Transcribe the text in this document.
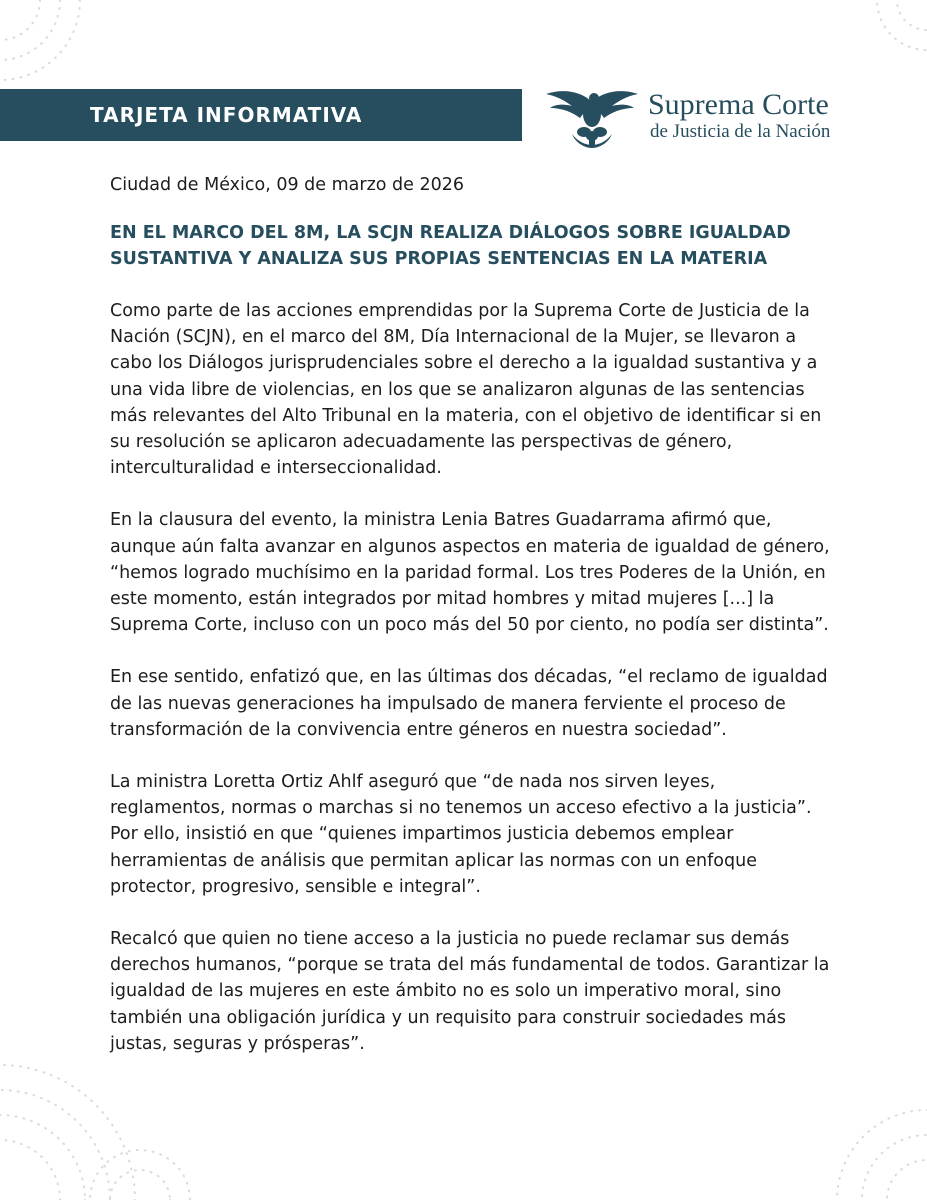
TARJETA INFORMATIVA	Suprema Corte
de Justicia de la Nación

Ciudad de México, 09 de marzo de 2026

EN EL MARCO DEL 8M, LA SCJN REALIZA DIÁLOGOS SOBRE IGUALDAD SUSTANTIVA Y ANALIZA SUS PROPIAS SENTENCIAS EN LA MATERIA

Como parte de las acciones emprendidas por la Suprema Corte de Justicia de la Nación (SCJN), en el marco del 8M, Día Internacional de la Mujer, se llevaron a cabo los Diálogos jurisprudenciales sobre el derecho a la igualdad sustantiva y a una vida libre de violencias, en los que se analizaron algunas de las sentencias más relevantes del Alto Tribunal en la materia, con el objetivo de identificar si en su resolución se aplicaron adecuadamente las perspectivas de género, interculturalidad e interseccionalidad.

En la clausura del evento, la ministra Lenia Batres Guadarrama afirmó que, aunque aún falta avanzar en algunos aspectos en materia de igualdad de género, “hemos logrado muchísimo en la paridad formal. Los tres Poderes de la Unión, en este momento, están integrados por mitad hombres y mitad mujeres [...] la Suprema Corte, incluso con un poco más del 50 por ciento, no podía ser distinta”.

En ese sentido, enfatizó que, en las últimas dos décadas, “el reclamo de igualdad de las nuevas generaciones ha impulsado de manera ferviente el proceso de transformación de la convivencia entre géneros en nuestra sociedad”.

La ministra Loretta Ortiz Ahlf aseguró que “de nada nos sirven leyes, reglamentos, normas o marchas si no tenemos un acceso efectivo a la justicia”. Por ello, insistió en que “quienes impartimos justicia debemos emplear herramientas de análisis que permitan aplicar las normas con un enfoque protector, progresivo, sensible e integral”.

Recalcó que quien no tiene acceso a la justicia no puede reclamar sus demás derechos humanos, “porque se trata del más fundamental de todos. Garantizar la igualdad de las mujeres en este ámbito no es solo un imperativo moral, sino también una obligación jurídica y un requisito para construir sociedades más justas, seguras y prósperas”.
